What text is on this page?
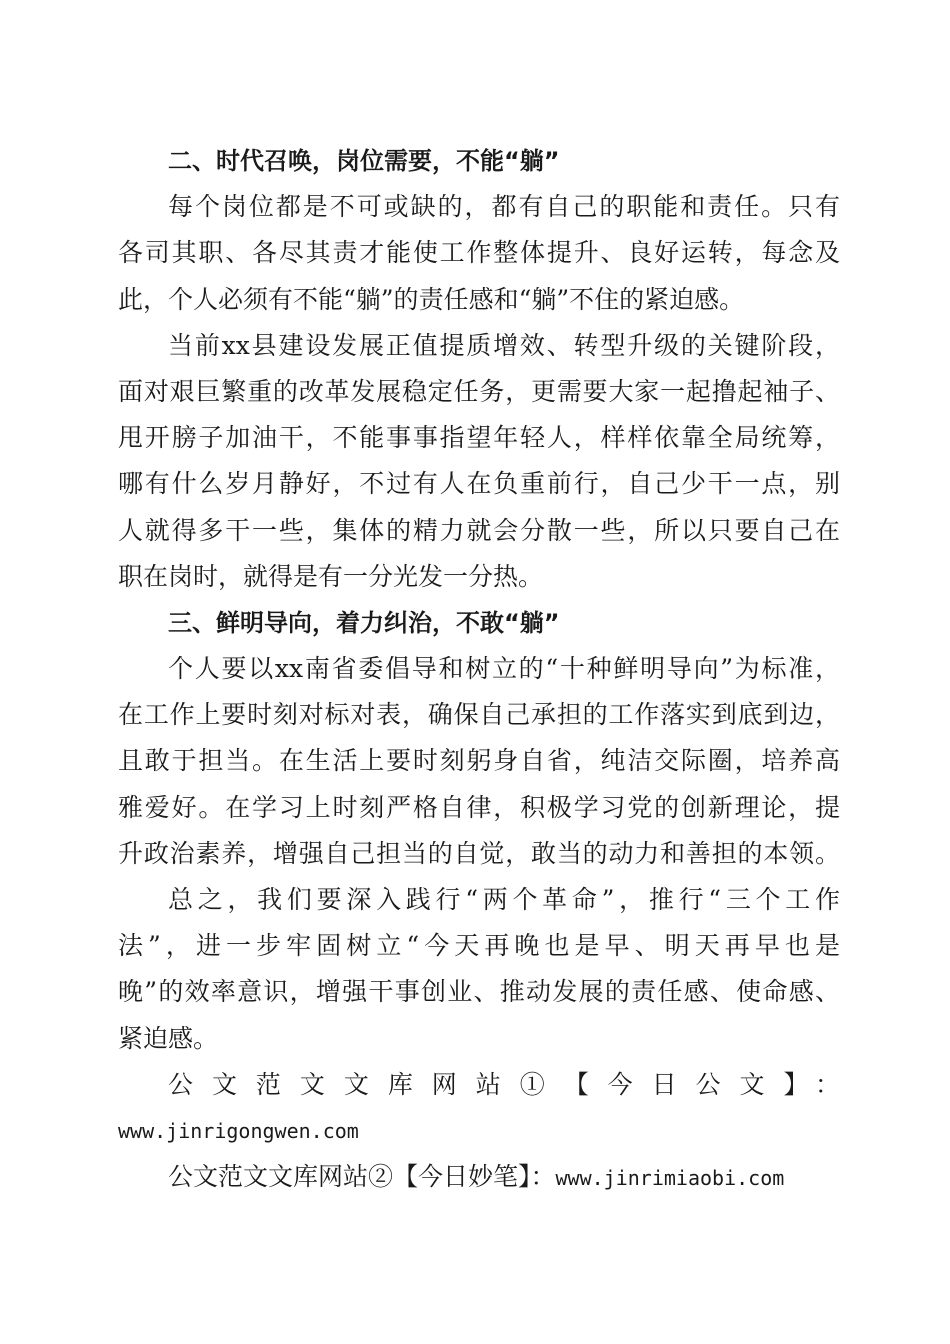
二、时代召唤，岗位需要，不能“躺”
每个岗位都是不可或缺的，都有自己的职能和责任。只有
各司其职、各尽其责才能使工作整体提升、良好运转，每念及
此，个人必须有不能“躺”的责任感和“躺”不住的紧迫感。
当前xx县建设发展正值提质增效、转型升级的关键阶段，
面对艰巨繁重的改革发展稳定任务，更需要大家一起撸起袖子、
甩开膀子加油干，不能事事指望年轻人，样样依靠全局统筹，
哪有什么岁月静好，不过有人在负重前行，自己少干一点，别
人就得多干一些，集体的精力就会分散一些，所以只要自己在
职在岗时，就得是有一分光发一分热。
三、鲜明导向，着力纠治，不敢“躺”
个人要以xx南省委倡导和树立的“十种鲜明导向”为标准，
在工作上要时刻对标对表，确保自己承担的工作落实到底到边，
且敢于担当。在生活上要时刻躬身自省，纯洁交际圈，培养高
雅爱好。在学习上时刻严格自律，积极学习党的创新理论，提
升政治素养，增强自己担当的自觉，敢当的动力和善担的本领。
总之，我们要深入践行“两个革命”，推行“三个工作
法”，进一步牢固树立“今天再晚也是早、明天再早也是
晚”的效率意识，增强干事创业、推动发展的责任感、使命感、
紧迫感。
公文范文文库网站①【今日公文】：
www.jinrigongwen.com
公文范文文库网站②【今日妙笔】：www.jinrimiaobi.com
